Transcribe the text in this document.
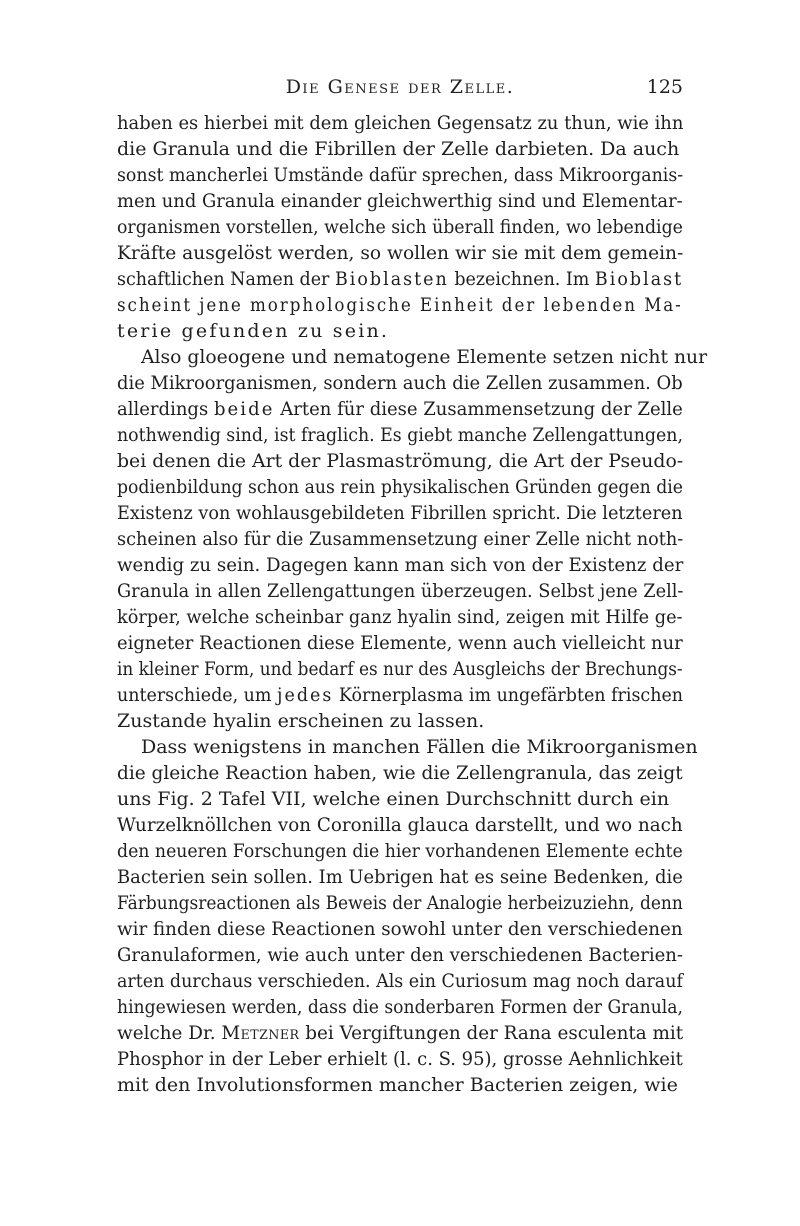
Die Genese der Zelle.	125
haben es hierbei mit dem gleichen Gegensatz zu thun, wie ihn
die Granula und die Fibrillen der Zelle darbieten. Da auch
sonst mancherlei Umstände dafür sprechen, dass Mikroorganis-
men und Granula einander gleichwerthig sind und Elementar-
organismen vorstellen, welche sich überall finden, wo lebendige
Kräfte ausgelöst werden, so wollen wir sie mit dem gemein-
schaftlichen Namen der Bioblasten bezeichnen. Im Bioblast
scheint jene morphologische Einheit der lebenden Ma-
terie gefunden zu sein.
Also gloeogene und nematogene Elemente setzen nicht nur
die Mikroorganismen, sondern auch die Zellen zusammen. Ob
allerdings beide Arten für diese Zusammensetzung der Zelle
nothwendig sind, ist fraglich. Es giebt manche Zellengattungen,
bei denen die Art der Plasmaströmung, die Art der Pseudo-
podienbildung schon aus rein physikalischen Gründen gegen die
Existenz von wohlausgebildeten Fibrillen spricht. Die letzteren
scheinen also für die Zusammensetzung einer Zelle nicht noth-
wendig zu sein. Dagegen kann man sich von der Existenz der
Granula in allen Zellengattungen überzeugen. Selbst jene Zell-
körper, welche scheinbar ganz hyalin sind, zeigen mit Hilfe ge-
eigneter Reactionen diese Elemente, wenn auch vielleicht nur
in kleiner Form, und bedarf es nur des Ausgleichs der Brechungs-
unterschiede, um jedes Körnerplasma im ungefärbten frischen
Zustande hyalin erscheinen zu lassen.
Dass wenigstens in manchen Fällen die Mikroorganismen
die gleiche Reaction haben, wie die Zellengranula, das zeigt
uns Fig. 2 Tafel VII, welche einen Durchschnitt durch ein
Wurzelknöllchen von Coronilla glauca darstellt, und wo nach
den neueren Forschungen die hier vorhandenen Elemente echte
Bacterien sein sollen. Im Uebrigen hat es seine Bedenken, die
Färbungsreactionen als Beweis der Analogie herbeizuziehn, denn
wir finden diese Reactionen sowohl unter den verschiedenen
Granulaformen, wie auch unter den verschiedenen Bacterien-
arten durchaus verschieden. Als ein Curiosum mag noch darauf
hingewiesen werden, dass die sonderbaren Formen der Granula,
welche Dr. Metzner bei Vergiftungen der Rana esculenta mit
Phosphor in der Leber erhielt (l. c. S. 95), grosse Aehnlichkeit
mit den Involutionsformen mancher Bacterien zeigen, wie
